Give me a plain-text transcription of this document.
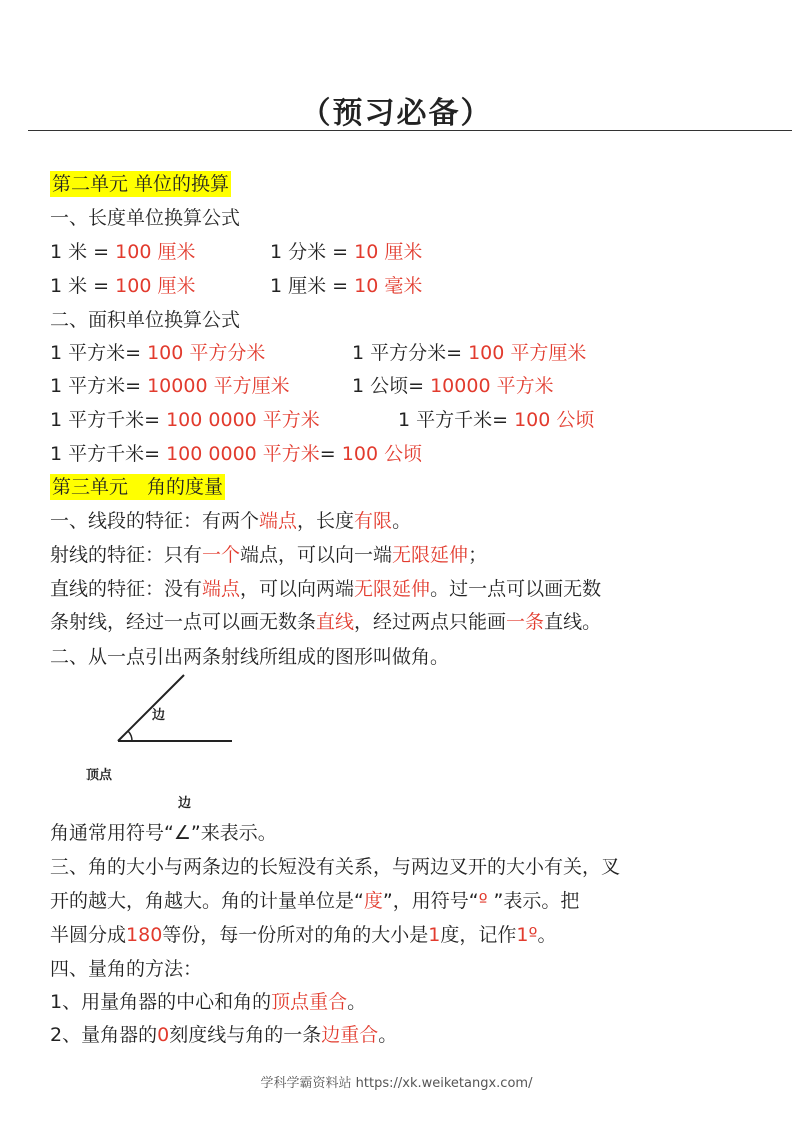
（预习必备）
第二单元 单位的换算
一、长度单位换算公式
1 米 = 100 厘米	1 分米 = 10 厘米
1 米 = 100 厘米	1 厘米 = 10 毫米
二、面积单位换算公式
1 平方米= 100 平方分米	1 平方分米= 100 平方厘米
1 平方米= 10000 平方厘米	1 公顷= 10000 平方米
1 平方千米= 100 0000 平方米	1 平方千米= 100 公顷
1 平方千米= 100 0000 平方米= 100 公顷
第三单元　角的度量
一、线段的特征：有两个端点，长度有限。
射线的特征：只有一个端点，可以向一端无限延伸；
直线的特征：没有端点，可以向两端无限延伸。过一点可以画无数
条射线，经过一点可以画无数条直线，经过两点只能画一条直线。
二、从一点引出两条射线所组成的图形叫做角。
边
顶点
边
角通常用符号“∠”来表示。
三、角的大小与两条边的长短没有关系，与两边叉开的大小有关，叉
开的越大，角越大。角的计量单位是“度”，用符号“º ”表示。把
半圆分成180等份，每一份所对的角的大小是1度，记作1º。
四、量角的方法：
1、用量角器的中心和角的顶点重合。
2、量角器的0刻度线与角的一条边重合。
学科学霸资料站 https://xk.weiketangx.com/
